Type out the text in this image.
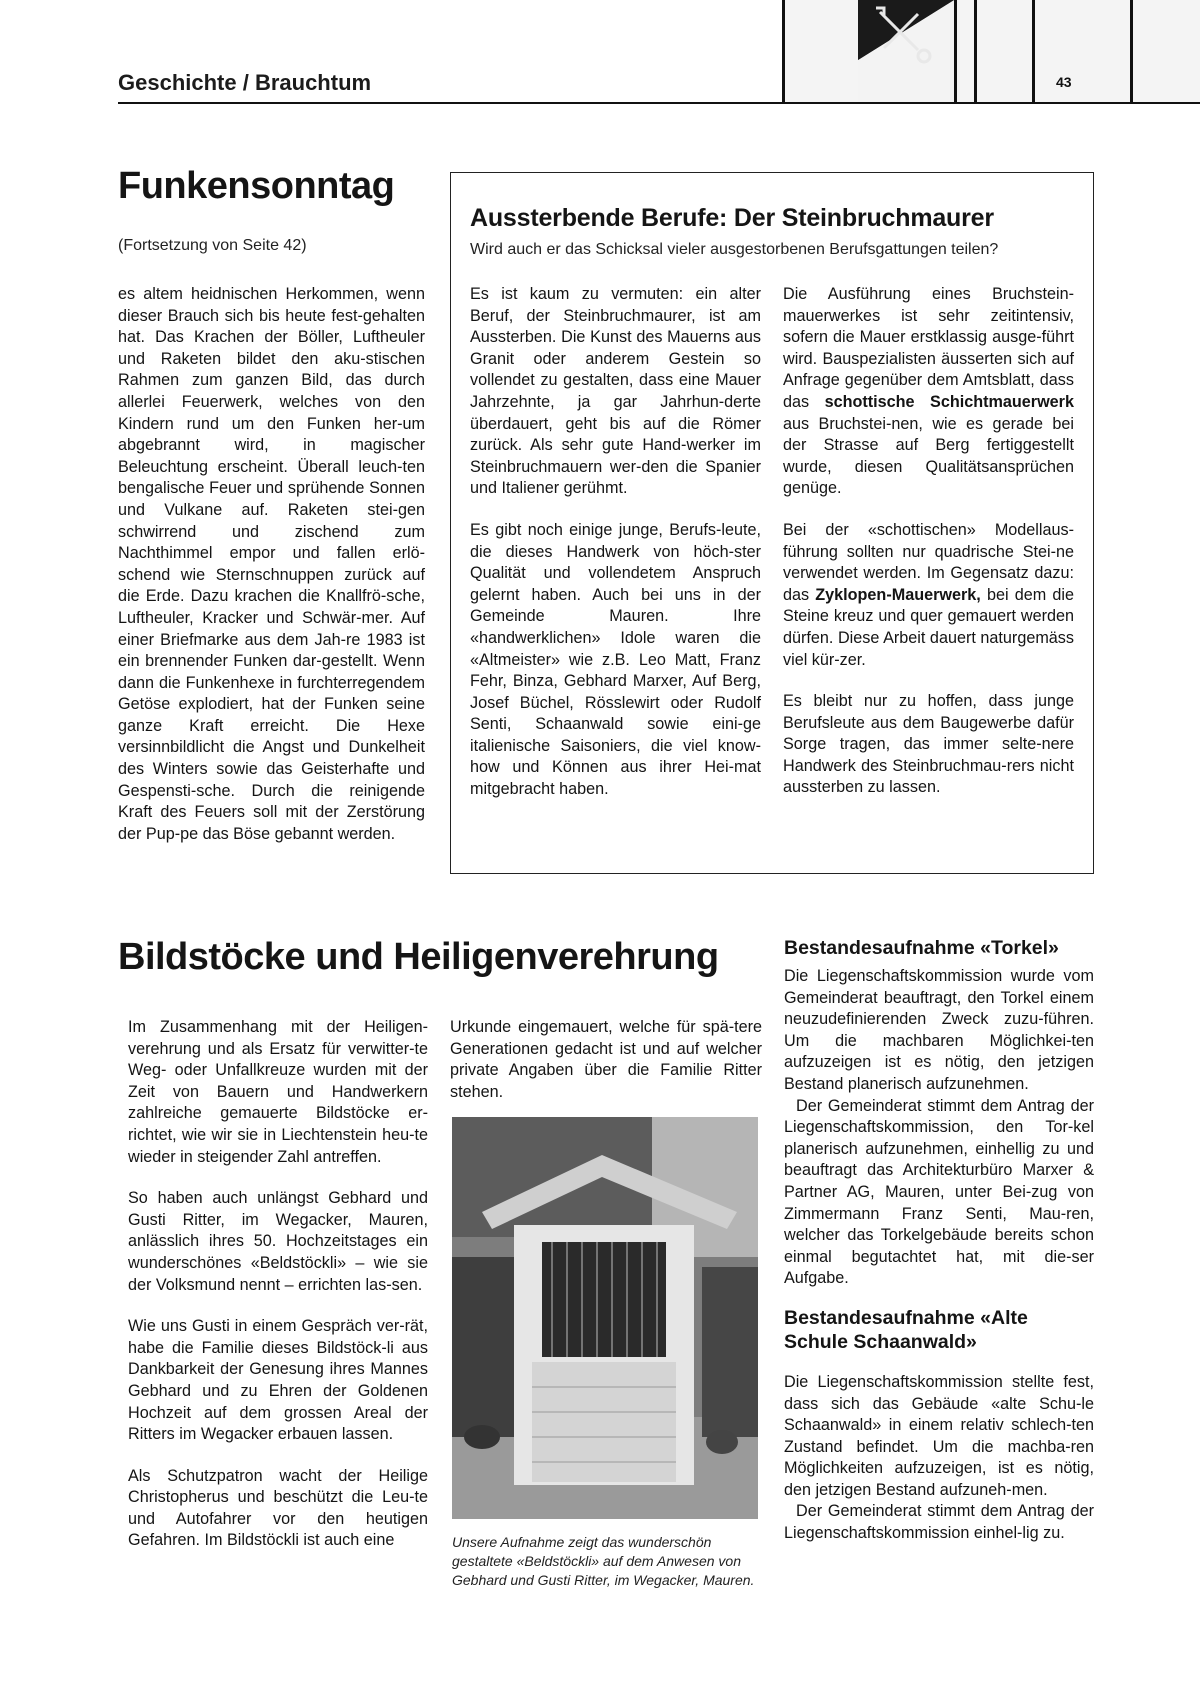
43
Geschichte / Brauchtum
Funkensonntag
(Fortsetzung von Seite 42)

es altem heidnischen Herkommen, wenn dieser Brauch sich bis heute fest-gehalten hat. Das Krachen der Böller, Luftheuler und Raketen bildet den aku-stischen Rahmen zum ganzen Bild, das durch allerlei Feuerwerk, welches von den Kindern rund um den Funken her-um abgebrannt wird, in magischer Beleuchtung erscheint. Überall leuch-ten bengalische Feuer und sprühende Sonnen und Vulkane auf. Raketen stei-gen schwirrend und zischend zum Nachthimmel empor und fallen erlö-schend wie Sternschnuppen zurück auf die Erde. Dazu krachen die Knallfrö-sche, Luftheuler, Kracker und Schwär-mer. Auf einer Briefmarke aus dem Jah-re 1983 ist ein brennender Funken dar-gestellt. Wenn dann die Funkenhexe in furchterregendem Getöse explodiert, hat der Funken seine ganze Kraft erreicht. Die Hexe versinnbildlicht die Angst und Dunkelheit des Winters sowie das Geisterhafte und Gespensti-sche. Durch die reinigende Kraft des Feuers soll mit der Zerstörung der Pup-pe das Böse gebannt werden.

Aussterbende Berufe: Der Steinbruchmaurer
Wird auch er das Schicksal vieler ausgestorbenen Berufsgattungen teilen?

Es ist kaum zu vermuten: ein alter Beruf, der Steinbruchmaurer, ist am Aussterben. Die Kunst des Mauerns aus Granit oder anderem Gestein so vollendet zu gestalten, dass eine Mauer Jahrzehnte, ja gar Jahrhun-derte überdauert, geht bis auf die Römer zurück. Als sehr gute Hand-werker im Steinbruchmauern wer-den die Spanier und Italiener gerühmt.

Es gibt noch einige junge, Berufs-leute, die dieses Handwerk von höch-ster Qualität und vollendetem Anspruch gelernt haben. Auch bei uns in der Gemeinde Mauren. Ihre «handwerklichen» Idole waren die «Altmeister» wie z.B. Leo Matt, Franz Fehr, Binza, Gebhard Marxer, Auf Berg, Josef Büchel, Rösslewirt oder Rudolf Senti, Schaanwald sowie eini-ge italienische Saisoniers, die viel know-how und Können aus ihrer Hei-mat mitgebracht haben.

Die Ausführung eines Bruchstein-mauerwerkes ist sehr zeitintensiv, sofern die Mauer erstklassig ausge-führt wird. Bauspezialisten äusserten sich auf Anfrage gegenüber dem Amtsblatt, dass das schottische Schichtmauerwerk aus Bruchstei-nen, wie es gerade bei der Strasse auf Berg fertiggestellt wurde, diesen Qualitätsansprüchen genüge.

Bei der «schottischen» Modellaus-führung sollten nur quadrische Stei-ne verwendet werden. Im Gegensatz dazu: das Zyklopen-Mauerwerk, bei dem die Steine kreuz und quer gemauert werden dürfen. Diese Arbeit dauert naturgemäss viel kür-zer.

Es bleibt nur zu hoffen, dass junge Berufsleute aus dem Baugewerbe dafür Sorge tragen, das immer selte-nere Handwerk des Steinbruchmau-rers nicht aussterben zu lassen.

Bildstöcke und Heiligenverehrung

Im Zusammenhang mit der Heiligen-verehrung und als Ersatz für verwitter-te Weg- oder Unfallkreuze wurden mit der Zeit von Bauern und Handwerkern zahlreiche gemauerte Bildstöcke er-richtet, wie wir sie in Liechtenstein heu-te wieder in steigender Zahl antreffen.

So haben auch unlängst Gebhard und Gusti Ritter, im Wegacker, Mauren, anlässlich ihres 50. Hochzeitstages ein wunderschönes «Beldstöckli» – wie sie der Volksmund nennt – errichten las-sen.

Wie uns Gusti in einem Gespräch ver-rät, habe die Familie dieses Bildstöck-li aus Dankbarkeit der Genesung ihres Mannes Gebhard und zu Ehren der Goldenen Hochzeit auf dem grossen Areal der Ritters im Wegacker erbauen lassen.

Als Schutzpatron wacht der Heilige Christopherus und beschützt die Leu-te und Autofahrer vor den heutigen Gefahren. Im Bildstöckli ist auch eine

Urkunde eingemauert, welche für spä-tere Generationen gedacht ist und auf welcher private Angaben über die Familie Ritter stehen.

Unsere Aufnahme zeigt das wunderschön gestaltete «Beldstöckli» auf dem Anwesen von Gebhard und Gusti Ritter, im Wegacker, Mauren.
Bestandesaufnahme «Torkel»

Die Liegenschaftskommission wurde vom Gemeinderat beauftragt, den Torkel einem neuzudefinierenden Zweck zuzu-führen. Um die machbaren Möglichkei-ten aufzuzeigen ist es nötig, den jetzigen Bestand planerisch aufzunehmen.

Der Gemeinderat stimmt dem Antrag der Liegenschaftskommission, den Tor-kel planerisch aufzunehmen, einhellig zu und beauftragt das Architekturbüro Marxer & Partner AG, Mauren, unter Bei-zug von Zimmermann Franz Senti, Mau-ren, welcher das Torkelgebäude bereits schon einmal begutachtet hat, mit die-ser Aufgabe.

Bestandesaufnahme «Alte Schule Schaanwald»

Die Liegenschaftskommission stellte fest, dass sich das Gebäude «alte Schu-le Schaanwald» in einem relativ schlech-ten Zustand befindet. Um die machba-ren Möglichkeiten aufzuzeigen, ist es nötig, den jetzigen Bestand aufzuneh-men.

Der Gemeinderat stimmt dem Antrag der Liegenschaftskommission einhel-lig zu.
